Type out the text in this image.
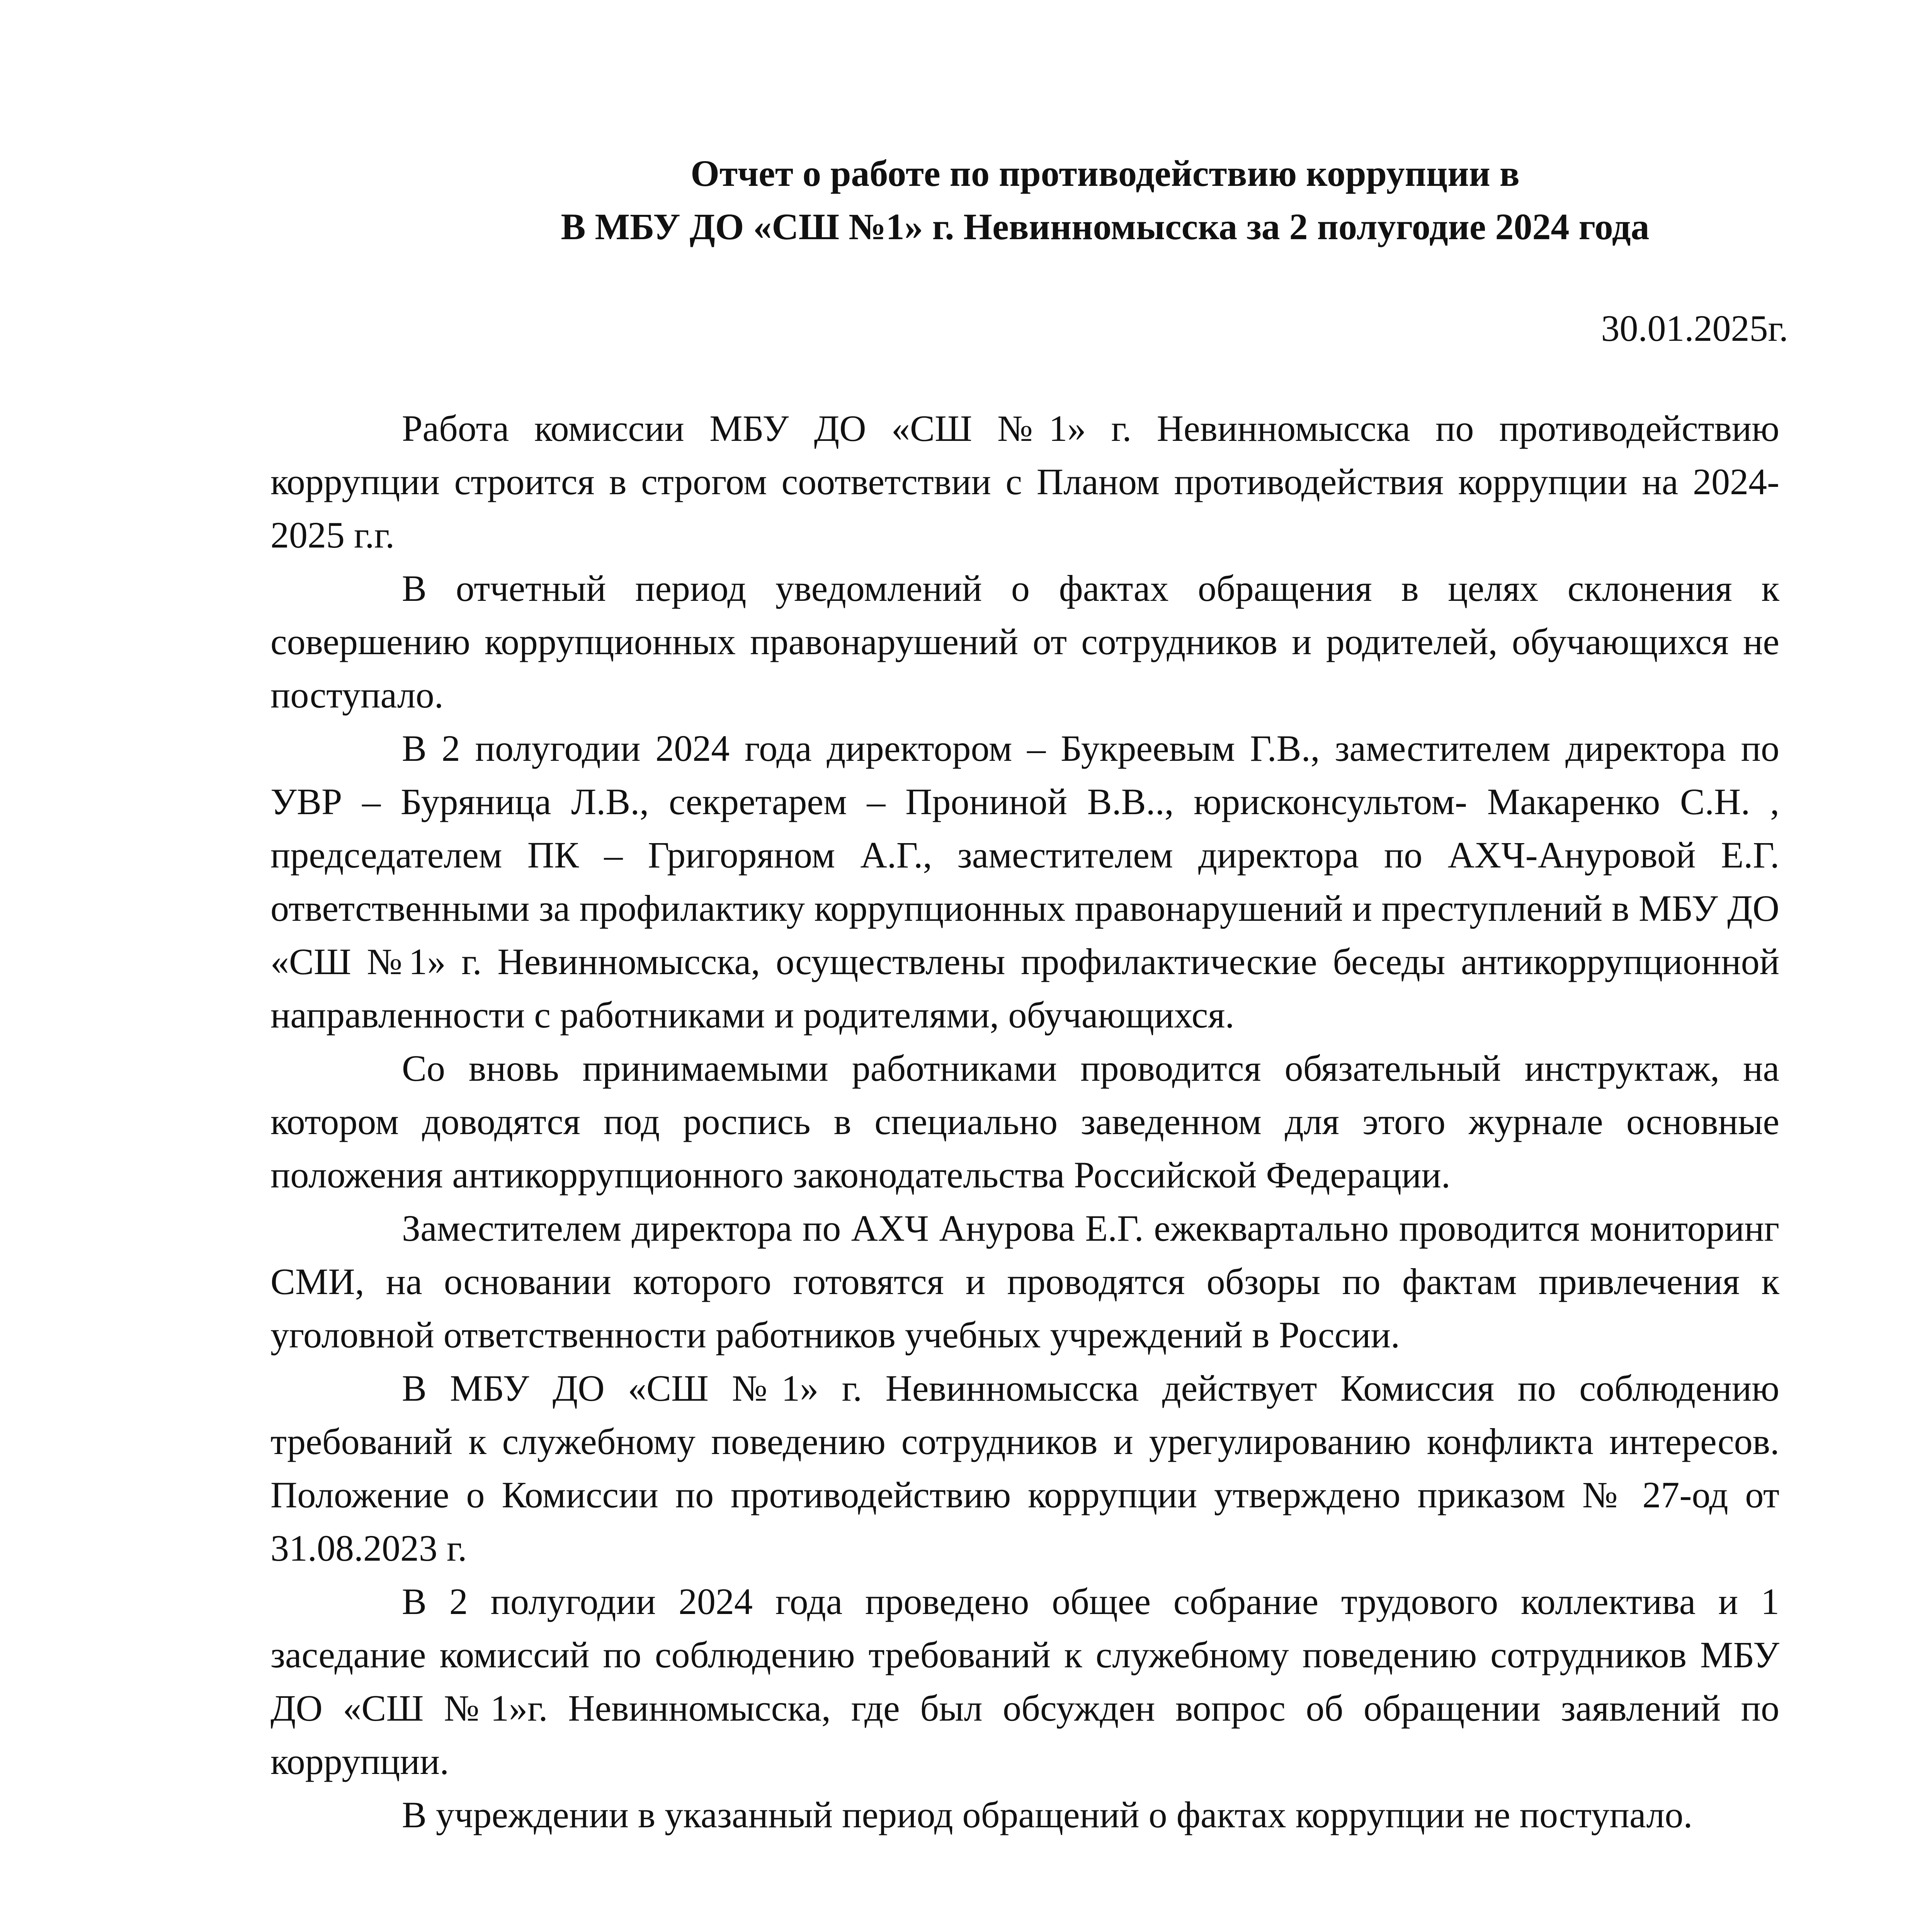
Отчет о работе по противодействию коррупции в
В МБУ ДО «СШ №1» г. Невинномысска за 2 полугодие 2024 года
30.01.2025г.

Работа комиссии МБУ ДО «СШ №1» г. Невинномысска по противодействию коррупции строится в строгом соответствии с Планом противодействия коррупции на 2024-2025 г.г.

В отчетный период уведомлений о фактах обращения в целях склонения к совершению коррупционных правонарушений от сотрудников и родителей, обучающихся не поступало.

В 2 полугодии 2024 года директором – Букреевым Г.В., заместителем директора по УВР – Буряница Л.В., секретарем – Прониной В.В.., юрисконсультом- Макаренко С.Н. , председателем ПК – Григоряном А.Г., заместителем директора по АХЧ-Ануровой Е.Г. ответственными за профилактику коррупционных правонарушений и преступлений в МБУ ДО «СШ №1» г. Невинномысска, осуществлены профилактические беседы антикоррупционной направленности с работниками и родителями, обучающихся.

Со вновь принимаемыми работниками проводится обязательный инструктаж, на котором доводятся под роспись в специально заведенном для этого журнале основные положения антикоррупционного законодательства Российской Федерации.

Заместителем директора по АХЧ Анурова Е.Г. ежеквартально проводится мониторинг СМИ, на основании которого готовятся и проводятся обзоры по фактам привлечения к уголовной ответственности работников учебных учреждений в России.

В МБУ ДО «СШ №1» г. Невинномысска действует Комиссия по соблюдению требований к служебному поведению сотрудников и урегулированию конфликта интересов. Положение о Комиссии по противодействию коррупции утверждено приказом № 27-од от 31.08.2023 г.

В 2 полугодии 2024 года проведено общее собрание трудового коллектива и 1 заседание комиссий по соблюдению требований к служебному поведению сотрудников МБУ ДО «СШ №1»г. Невинномысска, где был обсужден вопрос об обращении заявлений по коррупции.

В учреждении в указанный период обращений о фактах коррупции не поступало.
